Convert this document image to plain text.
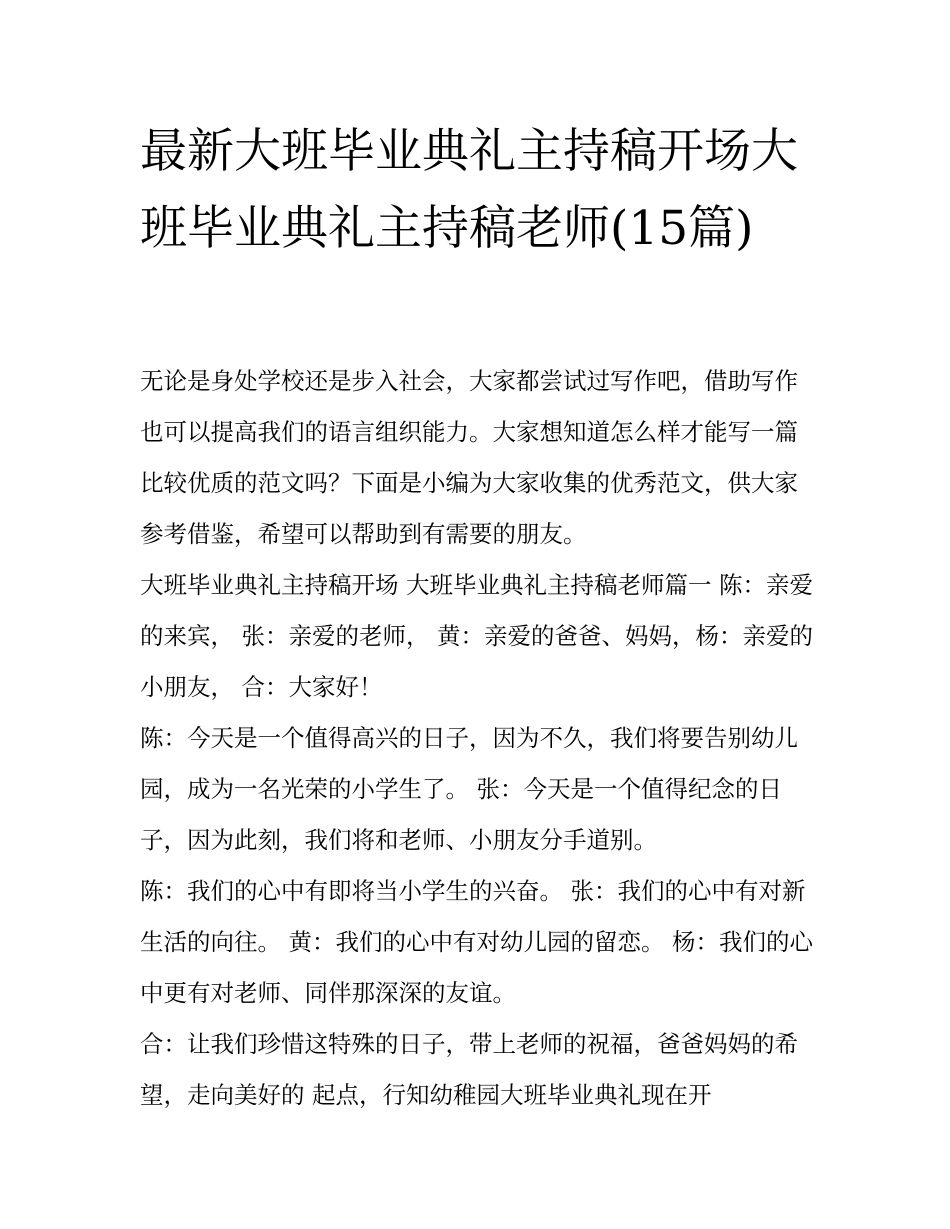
最新大班毕业典礼主持稿开场大班毕业典礼主持稿老师(15篇)

无论是身处学校还是步入社会，大家都尝试过写作吧，借助写作也可以提高我们的语言组织能力。大家想知道怎么样才能写一篇比较优质的范文吗？下面是小编为大家收集的优秀范文，供大家参考借鉴，希望可以帮助到有需要的朋友。

大班毕业典礼主持稿开场 大班毕业典礼主持稿老师篇一 陈：亲爱的来宾， 张：亲爱的老师， 黄：亲爱的爸爸、妈妈，杨：亲爱的小朋友， 合：大家好！

陈：今天是一个值得高兴的日子，因为不久，我们将要告别幼儿园，成为一名光荣的小学生了。 张：今天是一个值得纪念的日子，因为此刻，我们将和老师、小朋友分手道别。

陈：我们的心中有即将当小学生的兴奋。 张：我们的心中有对新生活的向往。 黄：我们的心中有对幼儿园的留恋。 杨：我们的心中更有对老师、同伴那深深的友谊。

合：让我们珍惜这特殊的日子，带上老师的祝福，爸爸妈妈的希望，走向美好的 起点，行知幼稚园大班毕业典礼现在开
